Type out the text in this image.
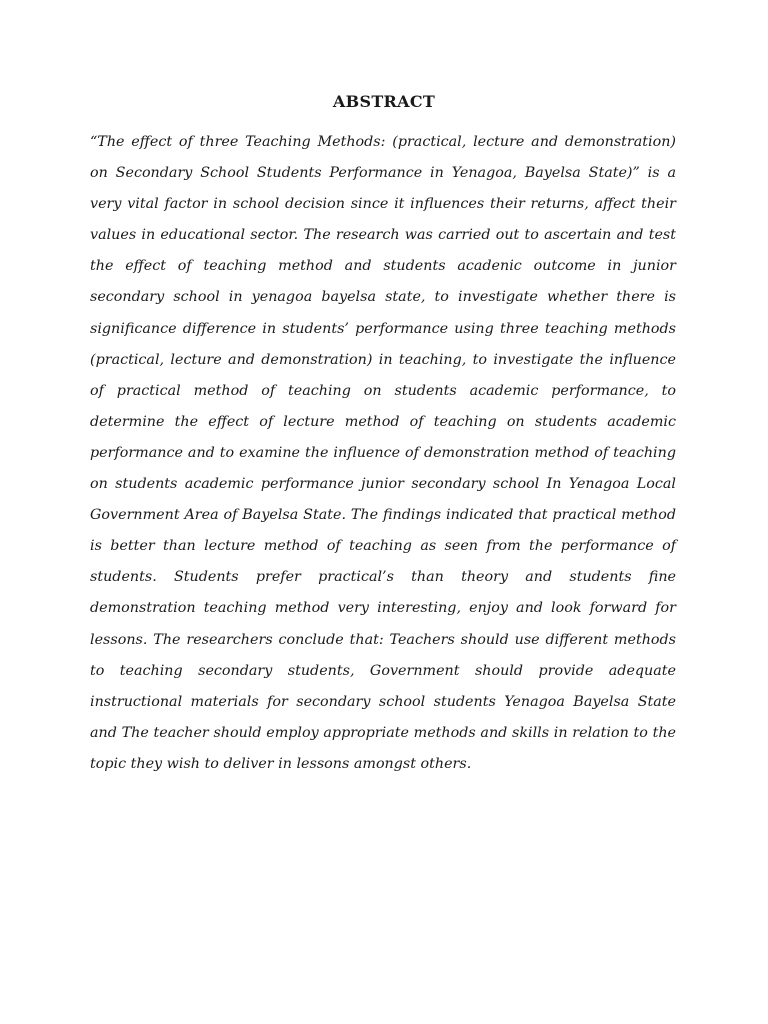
ABSTRACT

“The effect of three Teaching Methods: (practical, lecture and demonstration) on Secondary School Students Performance in Yenagoa, Bayelsa State)” is a very vital factor in school decision since it influences their returns, affect their values in educational sector. The research was carried out to ascertain and test the effect of teaching method and students acadenic outcome in junior secondary school in yenagoa bayelsa state, to investigate whether there is significance difference in students’ performance using three teaching methods (practical, lecture and demonstration) in teaching, to investigate the influence of practical method of teaching on students academic performance, to determine the effect of lecture method of teaching on students academic performance and to examine the influence of demonstration method of teaching on students academic performance junior secondary school In Yenagoa Local Government Area of Bayelsa State. The findings indicated that practical method is better than lecture method of teaching as seen from the performance of students. Students prefer practical’s than theory and students fine demonstration teaching method very interesting, enjoy and look forward for lessons. The researchers conclude that: Teachers should use different methods to teaching secondary students, Government should provide adequate instructional materials for secondary school students Yenagoa Bayelsa State and The teacher should employ appropriate methods and skills in relation to the topic they wish to deliver in lessons amongst others.
